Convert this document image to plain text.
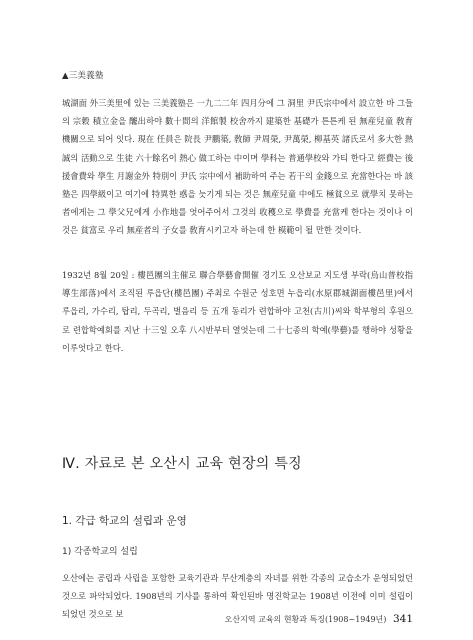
▲三美義塾
城湖面 外三美里에 있는 三美義塾은 一九二二年 四月分에 그 洞里 尹氏宗中에서 設立한 바 그들의 宗穀 積立金을 醵出하야 數十間의 洋館製 校舍까지 建築한 基礎가 튼튼케 된 無産兒童 敎育機關으로 되어 잇다. 現在 任員은 院長 尹鵬築, 敎師 尹周榮, 尹萬榮, 柳基英 諸氏로서 多大한 熱誠의 活動으로 生徒 六十餘名이 熱心 做工하는 中이며 學科는 普通學校와 가티 한다고 經費는 後援會費와 學生 月謝金外 特別이 尹氏 宗中에서 補助하여 주는 若干의 金錢으로 充當한다는 바 該塾은 四學級이고 여기에 特異한 惑을 늣기게 되는 것은 無産兒童 中에도 極貧으로 就學치 못하는 者에게는 그 學父兄에게 小作地를 엇어주어서 그것의 收穫으로 學費를 充當케 한다는 것이나 이것은 貧富로 우리 無産者의 子女를 敎育시키고자 하는데 한 模範이 될 만한 것이다.
1932년 8월 20일 : 樓邑團의主催로 聯合學藝會開催 경기도 오산보교 지도생 부락(烏山普校指導生部落)에서 조직된 루읍단(樓邑團) 주최로 수원군 성호면 누읍리(水原郡城湖面樓邑里)에서 루읍리, 가수리, 탑리, 두곡리, 벌음리 등 五개 동리가 련합하야 고천(古川)씨와 학부형의 후원으로 련합학예회를 지난 十三일 오후 八시반부터 열엇는데 二十七종의 학예(學藝)를 행하야 성황을 이루엇다고 한다.
Ⅳ. 자료로 본 오산시 교육 현장의 특징
1. 각급 학교의 설립과 운영
1) 각종학교의 설립
오산에는 공립과 사립을 포함한 교육기관과 무산계층의 자녀를 위한 각종의 교습소가 운영되었던 것으로 파악되었다. 1908년의 기사를 통하여 확인된바 명진학교는 1908년 이전에 이미 설립이 되었던 것으로 보
오산지역 교육의 현황과 특징(1908~1949년) 341
